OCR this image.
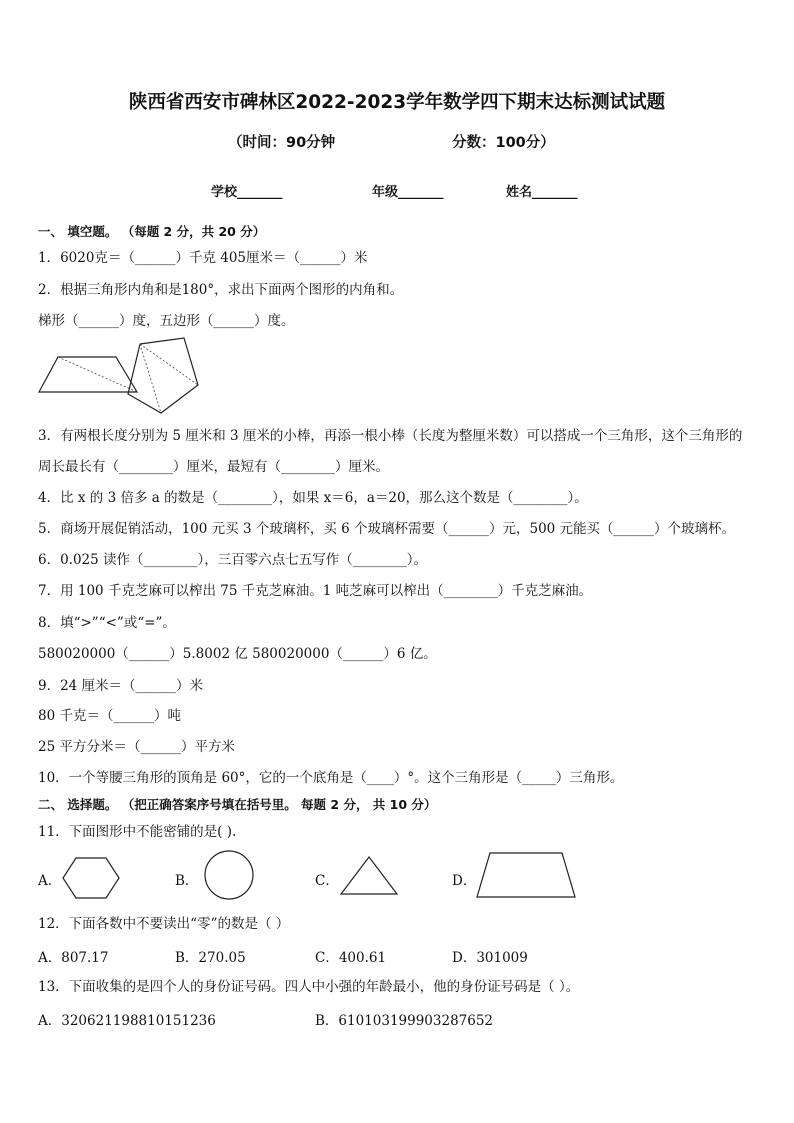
陕西省西安市碑林区2022-2023学年数学四下期末达标测试试题
（时间：90分钟	分数：100分）
学校_______	年级_______	姓名_______
一、 填空题。 （每题 2 分，共 20 分）
1．6020克＝（______）千克 405厘米＝（______）米
2．根据三角形内角和是180°，求出下面两个图形的内角和。
梯形（______）度，五边形（______）度。
3．有两根长度分别为 5 厘米和 3 厘米的小棒，再添一根小棒（长度为整厘米数）可以搭成一个三角形，这个三角形的
周长最长有（________）厘米，最短有（________）厘米。
4．比 x 的 3 倍多 a 的数是（________），如果 x＝6，a＝20，那么这个数是（________）。
5．商场开展促销活动，100 元买 3 个玻璃杯，买 6 个玻璃杯需要（______）元，500 元能买（______）个玻璃杯。
6．0.025 读作（________），三百零六点七五写作（________）。
7．用 100 千克芝麻可以榨出 75 千克芝麻油。1 吨芝麻可以榨出（________）千克芝麻油。
8．填“>”“<”或“=”。
580020000（______）5.8002 亿 580020000（______）6 亿。
9．24 厘米＝（______）米
80 千克＝（______）吨
25 平方分米＝（______）平方米
10．一个等腰三角形的顶角是 60°，它的一个底角是（____）°。这个三角形是（_____）三角形。
二、 选择题。 （把正确答案序号填在括号里。 每题 2 分， 共 10 分）
11．下面图形中不能密铺的是( ).
A．	B．	C．	D．
12．下面各数中不要读出“零”的数是（ ）
A．807.17	B．270.05	C．400.61	D．301009
13．下面收集的是四个人的身份证号码。四人中小强的年龄最小，他的身份证号码是（ ）。
A．320621198810151236	B．610103199903287652
